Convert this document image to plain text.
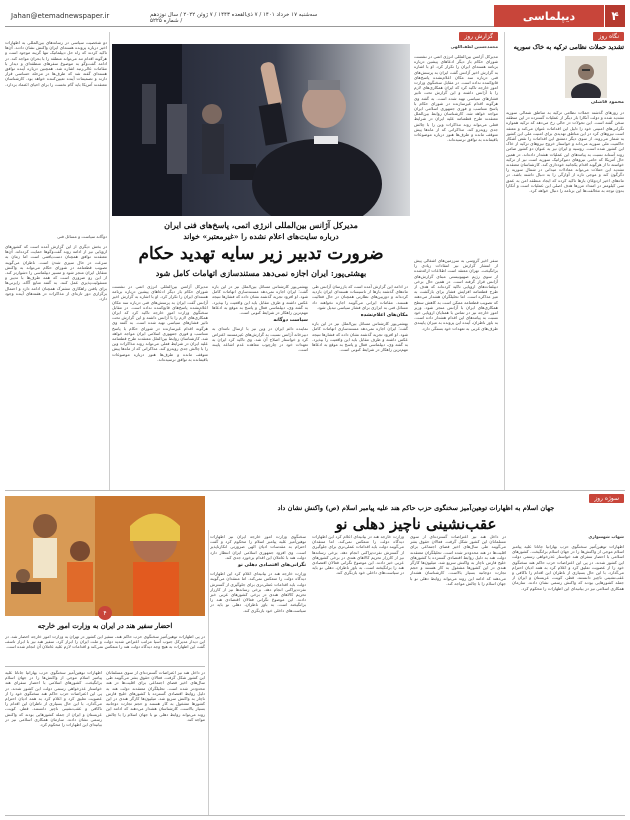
۴
دیپلماسی
Jahan@etemadnewspaper.ir	سه‌شنبه ۱۷ خرداد ۱۴۰۱ / ۷ ذی‌القعده ۱۴۴۳ / ۷ ژوئن ۲۰۲۲ / سال نوزدهم / شماره ۵۲۲۵
نگاه روز
تشدید حملات نظامی ترکیه به خاک سوریه
محمود فاضلی
در روزهای گذشته حملات نظامی ترکیه به مناطق شمالی سوریه تشدید شده و دولت آنکارا بار دیگر از عملیات گسترده در این منطقه سخن گفته است. این تحولات در حالی رخ می‌دهد که ترکیه همواره نگرانی‌های امنیتی خود را دلیل این اقدامات عنوان می‌کند و معتقد است نیروهای کرد در این مناطق تهدیدی برای امنیت ملی این کشور به شمار می‌روند. از سوی دیگر دمشق این اقدامات را نقض آشکار حاکمیت ملی سوریه می‌داند و خواستار خروج نیروهای ترکیه از خاک این کشور شده است. روسیه و ایران نیز به عنوان دو کشور ضامن روند آستانه نسبت به پیامدهای این عملیات هشدار داده‌اند. در همین حال آمریکا که حامی نیروهای دموکراتیک سوریه است نیز از ترکیه خواسته تا از هرگونه اقدام یکجانبه خودداری کند. کارشناسان معتقدند تشدید این حملات می‌تواند معادلات میدانی در شمال سوریه را دگرگون کند و موجی تازه از آوارگی را به دنبال داشته باشد. در ماه‌های اخیر اردوغان بارها تاکید کرده که ایجاد منطقه امن به عمق سی کیلومتر در امتداد مرزها هدف اصلی این عملیات است و آنکارا بدون توجه به مخالفت‌ها این برنامه را دنبال خواهد کرد.
گزارش روز
محمدحسین لطف‌اللهی
مدیرکل آژانس بین‌المللی انرژی اتمی در نشست شورای حکام بار دیگر ادعاهای پیشین درباره برنامه هسته‌ای ایران را تکرار کرد. او با اشاره به گزارش اخیر آژانس گفت ایران به پرسش‌های فنی درباره سه مکان اعلام‌نشده پاسخ‌های قانع‌کننده نداده است. در مقابل سخنگوی وزارت امور خارجه تاکید کرد که ایران همکاری‌های لازم را با آژانس داشته و این گزارش تحت تاثیر فشارهای سیاسی تهیه شده است. به گفته وی هرگونه اقدام غیرسازنده در شورای حکام با پاسخ متناسب و فوری جمهوری اسلامی ایران مواجه خواهد شد. کارشناسان روابط بین‌الملل معتقدند طرح قطعنامه علیه ایران در شرایط فعلی می‌تواند روند مذاکرات وین را با چالش جدی روبه‌رو کند. مذاکراتی که از ماه‌ها پیش متوقف مانده و طرف‌ها هنوز درباره موضوعات باقیمانده به توافق نرسیده‌اند.
مدیرکل آژانس بین‌المللی انرژی اتمی، پاسخ‌های فنی ایران
درباره سایت‌های اعلام نشده را «غیرمعتبر» خواند
ضرورت تدبیر زیر سایه تهدید حکام
بهشتی‌پور: ایران اجازه نمی‌دهد مستندسازی اتهامات کامل شود
سفر اخیر گروسی به سرزمین‌های اشغالی پیش از انتشار گزارش نیز انتقادات زیادی را برانگیخت. تهران معتقد است اطلاعات ارائه‌شده از سوی رژیم صهیونیستی مبنای گزارش‌های آژانس قرار گرفته است. در همین حال برخی دیپلمات‌های اروپایی تاکید کرده‌اند که هدف از طرح قطعنامه افزایش فشار برای بازگشت به میز مذاکره است. اما تحلیلگران هشدار می‌دهند که تصویب قطعنامه ممکن است به کاهش سطح همکاری‌های ایران با آژانس منجر شود. وزیر امور خارجه نیز در تماس با همتایان اروپایی خود نسبت به پیامدهای این اقدام هشدار داده است. به باور ناظران، آینده این پرونده به میزان پایبندی طرف‌های غربی به تعهدات خود بستگی دارد.

در ادامه این گزارش آمده است که بازرسان آژانس طی ماه‌های گذشته بارها از تاسیسات هسته‌ای ایران بازدید کرده‌اند و دوربین‌های نظارتی همچنان در حال فعالیت هستند. مقامات ایرانی می‌گویند اجازه نخواهند داد مسائل فنی به ابزاری برای فشار سیاسی تبدیل شود.

مکان‌های اعلام‌نشده

بهشتی‌پور کارشناس مسائل بین‌الملل نیز در این باره گفت: ایران اجازه نمی‌دهد مستندسازی اتهامات کامل شود. او افزود تجربه گذشته نشان داده که فشارها نتیجه عکس داشته و طرف مقابل باید این واقعیت را بپذیرد. به گفته وی، دیپلماسی فعال و پاسخ به موقع به ادعاها مهم‌ترین راهکار در شرایط کنونی است.

بهشتی‌پور کارشناس مسائل بین‌الملل نیز در این باره گفت: ایران اجازه نمی‌دهد مستندسازی اتهامات کامل شود. او افزود تجربه گذشته نشان داده که فشارها نتیجه عکس داشته و طرف مقابل باید این واقعیت را بپذیرد. به گفته وی، دیپلماسی فعال و پاسخ به موقع به ادعاها مهم‌ترین راهکار در شرایط کنونی است.

سیاست دوگانه

نماینده دائم ایران در وین نیز با ارسال نامه‌ای به دبیرخانه آژانس نسبت به گزارش‌های غیرمستند اعتراض کرد و خواستار اصلاح آن شد. وی تاکید کرد ایران به تعهدات خود در چارچوب معاهده عدم اشاعه پایبند است.

مدیرکل آژانس بین‌المللی انرژی اتمی در نشست شورای حکام بار دیگر ادعاهای پیشین درباره برنامه هسته‌ای ایران را تکرار کرد. او با اشاره به گزارش اخیر آژانس گفت ایران به پرسش‌های فنی درباره سه مکان اعلام‌نشده پاسخ‌های قانع‌کننده نداده است. در مقابل سخنگوی وزارت امور خارجه تاکید کرد که ایران همکاری‌های لازم را با آژانس داشته و این گزارش تحت تاثیر فشارهای سیاسی تهیه شده است. به گفته وی هرگونه اقدام غیرسازنده در شورای حکام با پاسخ متناسب و فوری جمهوری اسلامی ایران مواجه خواهد شد. کارشناسان روابط بین‌الملل معتقدند طرح قطعنامه علیه ایران در شرایط فعلی می‌تواند روند مذاکرات وین را با چالش جدی روبه‌رو کند. مذاکراتی که از ماه‌ها پیش متوقف مانده و طرف‌ها هنوز درباره موضوعات باقیمانده به توافق نرسیده‌اند.

دو شخصیت سیاسی در رسانه‌های بین‌المللی به اظهارات اخیر درباره پرونده هسته‌ای ایران واکنش نشان دادند. آن‌ها تاکید کردند که راه حل دیپلماتیک تنها گزینه موجود است و هرگونه اقدام تند می‌تواند منطقه را با بحران مواجه کند. در ادامه گفت‌وگو به موضوع سفرهای منطقه‌ای و دیدار با مقامات عالی‌رتبه اشاره شد. همچنین درباره آینده توافق هسته‌ای گفته شد که طرف‌ها در مرحله حساسی قرار دارند و تصمیمات آینده تعیین‌کننده خواهد بود. کارشناسان معتقدند آمریکا باید گام نخست را برای احیای اعتماد بردارد.
دوگانه سیاست و مسائل فنی
در بخش دیگری از این گزارش آمده است که کشورهای اروپایی نیز از ادامه روند گفت‌وگوها حمایت کرده‌اند. آن‌ها معتقدند توافق همچنان دست‌یافتنی است اما زمان به سرعت در حال سپری شدن است. ناظران می‌گویند تصویب قطعنامه در شورای حکام می‌تواند به واکنش متقابل ایران منجر شود و مسیر دیپلماسی را دشوارتر کند. از این رو ضروری است که همه طرف‌ها با تدبیر و مسئولیت‌پذیری عمل کنند. به گفته منابع آگاه، رایزنی‌ها برای یافتن راهکاری مشترک همچنان ادامه دارد و احتمال برگزاری دور تازه‌ای از مذاکرات در هفته‌های آینده وجود دارد.
سوژه روز
جهان اسلام به اظهارات توهین‌آمیز سخنگوی حزب حاکم هند علیه پیامبر اسلام (ص) واکنش نشان داد
عقب‌نشینی ناچیز دهلی نو
شهاب شهسواری
اظهارات توهین‌آمیز سخنگوی حزب بهاراتیا جاناتا علیه پیامبر اسلام موجی از واکنش‌ها را در جهان اسلام برانگیخت. کشورهای اسلامی با احضار سفرای هند خواستار عذرخواهی رسمی دولت این کشور شدند. در پی این اعتراضات حزب حاکم هند سخنگوی خود را از عضویت تعلیق کرد و اعلام کرد به همه ادیان احترام می‌گذارد. با این حال بسیاری از ناظران این اقدام را ناکافی و عقب‌نشینی ناچیز دانستند. قطر، کویت، عربستان و ایران از جمله کشورهایی بودند که واکنش رسمی نشان دادند. سازمان همکاری اسلامی نیز در بیانیه‌ای این اظهارات را محکوم کرد.
در داخل هند نیز اعتراضات گسترده‌ای از سوی مسلمانان این کشور شکل گرفت. فعالان حقوق بشر می‌گویند طی سال‌های اخیر فضای اجتماعی برای اقلیت‌ها در هند محدودتر شده است. تحلیلگران معتقدند دولت هند به دلیل روابط اقتصادی گسترده با کشورهای خلیج فارس ناچار به واکنش سریع شد. میلیون‌ها کارگر هندی در این کشورها مشغول به کار هستند و حجم تجارت دوجانبه بسیار بالاست. کارشناسان هشدار می‌دهند که ادامه این روند می‌تواند روابط دهلی نو با جهان اسلام را با چالش مواجه کند.
وزارت خارجه هند در بیانیه‌ای اعلام کرد این اظهارات دیدگاه دولت را منعکس نمی‌کند. اما منتقدان می‌گویند دولت باید اقدامات عملی‌تری برای جلوگیری از گسترش نفرت‌پراکنی انجام دهد. برخی رسانه‌ها نیز از کارزار تحریم کالاهای هندی در برخی کشورهای عربی خبر دادند. این موضوع نگرانی فعالان اقتصادی هند را برانگیخته است. به باور ناظران، دهلی نو باید در سیاست‌های داخلی خود بازنگری کند.

سخنگوی وزارت امور خارجه ایران نیز اظهارات توهین‌آمیز علیه پیامبر اسلام را محکوم کرد و گفت احترام به مقدسات ادیان الهی ضرورتی انکارناپذیر است. وی افزود جمهوری اسلامی ایران انتظار دارد دولت هند با عاملان این اقدام برخورد جدی کند.

نگرانی‌های اقتصادی دهلی نو

وزارت خارجه هند در بیانیه‌ای اعلام کرد این اظهارات دیدگاه دولت را منعکس نمی‌کند. اما منتقدان می‌گویند دولت باید اقدامات عملی‌تری برای جلوگیری از گسترش نفرت‌پراکنی انجام دهد. برخی رسانه‌ها نیز از کارزار تحریم کالاهای هندی در برخی کشورهای عربی خبر دادند. این موضوع نگرانی فعالان اقتصادی هند را برانگیخته است. به باور ناظران، دهلی نو باید در سیاست‌های داخلی خود بازنگری کند.

۴
احضار سفیر هند در ایران به وزارت امور خارجه
در پی اظهارات توهین‌آمیز سخنگوی حزب حاکم هند، سفیر این کشور در تهران به وزارت امور خارجه احضار شد. در این دیدار مدیرکل جنوب آسیا مراتب اعتراض شدید دولت و ملت ایران را ابراز کرد. سفیر هند نیز با ابراز تاسف گفت این اظهارات به هیچ وجه دیدگاه دولت هند را منعکس نمی‌کند و اقدامات لازم علیه عاملان آن انجام شده است.
در داخل هند نیز اعتراضات گسترده‌ای از سوی مسلمانان این کشور شکل گرفت. فعالان حقوق بشر می‌گویند طی سال‌های اخیر فضای اجتماعی برای اقلیت‌ها در هند محدودتر شده است. تحلیلگران معتقدند دولت هند به دلیل روابط اقتصادی گسترده با کشورهای خلیج فارس ناچار به واکنش سریع شد. میلیون‌ها کارگر هندی در این کشورها مشغول به کار هستند و حجم تجارت دوجانبه بسیار بالاست. کارشناسان هشدار می‌دهند که ادامه این روند می‌تواند روابط دهلی نو با جهان اسلام را با چالش مواجه کند.
اظهارات توهین‌آمیز سخنگوی حزب بهاراتیا جاناتا علیه پیامبر اسلام موجی از واکنش‌ها را در جهان اسلام برانگیخت. کشورهای اسلامی با احضار سفرای هند خواستار عذرخواهی رسمی دولت این کشور شدند. در پی این اعتراضات حزب حاکم هند سخنگوی خود را از عضویت تعلیق کرد و اعلام کرد به همه ادیان احترام می‌گذارد. با این حال بسیاری از ناظران این اقدام را ناکافی و عقب‌نشینی ناچیز دانستند. قطر، کویت، عربستان و ایران از جمله کشورهایی بودند که واکنش رسمی نشان دادند. سازمان همکاری اسلامی نیز در بیانیه‌ای این اظهارات را محکوم کرد.
